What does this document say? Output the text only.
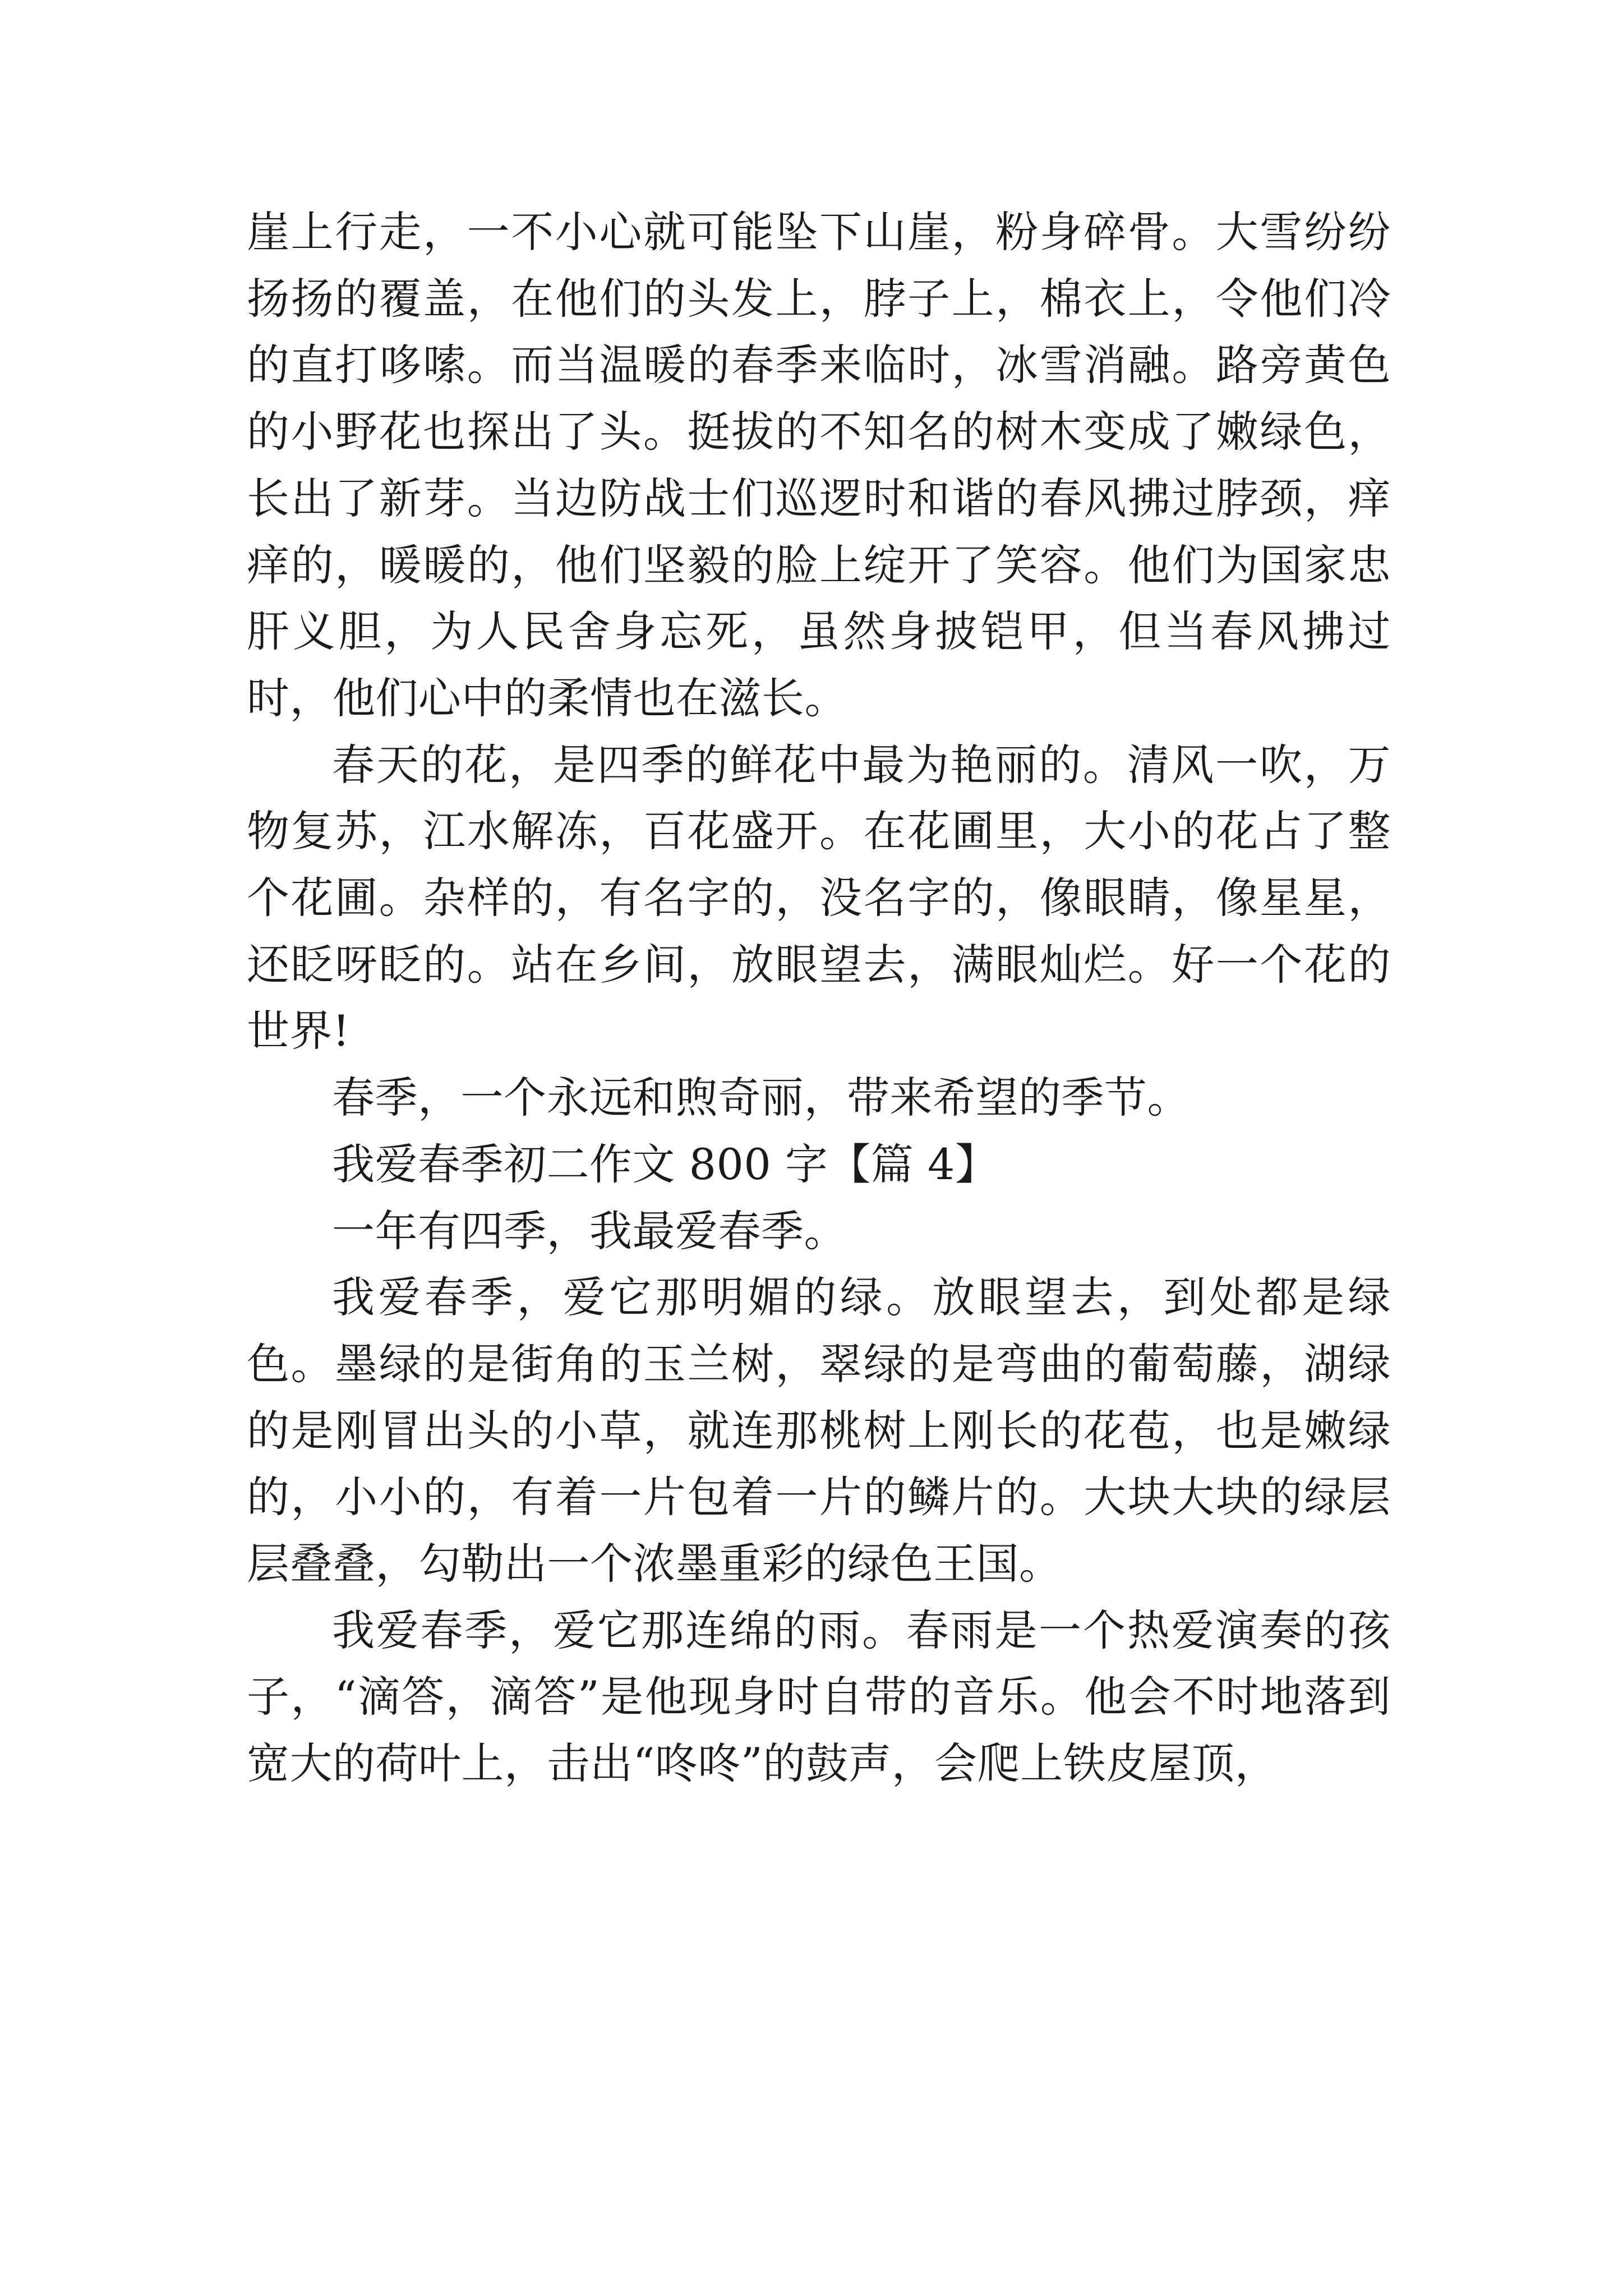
崖上行走，一不小心就可能坠下山崖，粉身碎骨。大雪纷纷扬扬的覆盖，在他们的头发上，脖子上，棉衣上，令他们冷的直打哆嗦。而当温暖的春季来临时，冰雪消融。路旁黄色的小野花也探出了头。挺拔的不知名的树木变成了嫩绿色，长出了新芽。当边防战士们巡逻时和谐的春风拂过脖颈，痒痒的，暖暖的，他们坚毅的脸上绽开了笑容。他们为国家忠肝义胆，为人民舍身忘死，虽然身披铠甲，但当春风拂过时，他们心中的柔情也在滋长。

春天的花，是四季的鲜花中最为艳丽的。清风一吹，万物复苏，江水解冻，百花盛开。在花圃里，大小的花占了整个花圃。杂样的，有名字的，没名字的，像眼睛，像星星，还眨呀眨的。站在乡间，放眼望去，满眼灿烂。好一个花的世界!

春季，一个永远和煦奇丽，带来希望的季节。

我爱春季初二作文 800 字【篇 4】

一年有四季，我最爱春季。

我爱春季，爱它那明媚的绿。放眼望去，到处都是绿色。墨绿的是街角的玉兰树，翠绿的是弯曲的葡萄藤，湖绿的是刚冒出头的小草，就连那桃树上刚长的花苞，也是嫩绿的，小小的，有着一片包着一片的鳞片的。大块大块的绿层层叠叠，勾勒出一个浓墨重彩的绿色王国。

我爱春季，爱它那连绵的雨。春雨是一个热爱演奏的孩子，“滴答，滴答”是他现身时自带的音乐。他会不时地落到宽大的荷叶上，击出“咚咚”的鼓声，会爬上铁皮屋顶，
